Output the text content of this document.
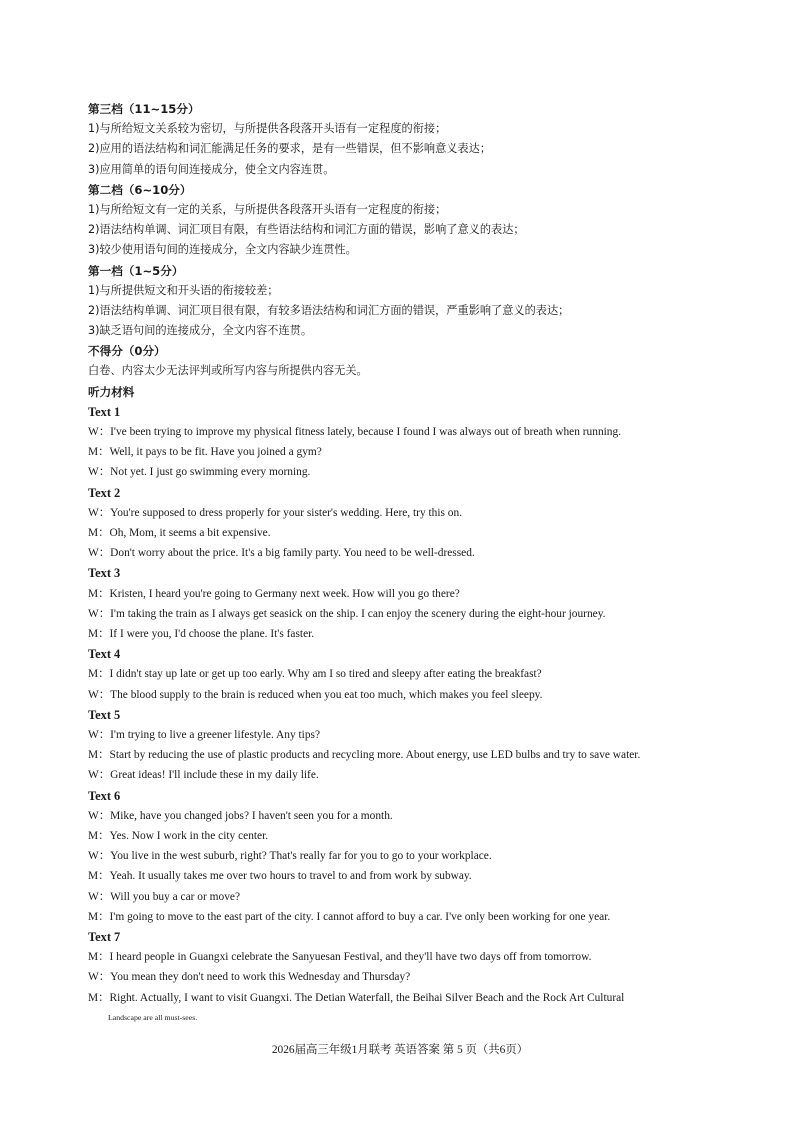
第三档（11~15分）
1)与所给短文关系较为密切，与所提供各段落开头语有一定程度的衔接；
2)应用的语法结构和词汇能满足任务的要求，是有一些错误，但不影响意义表达；
3)应用简单的语句间连接成分，使全文内容连贯。
第二档（6~10分）
1)与所给短文有一定的关系，与所提供各段落开头语有一定程度的衔接；
2)语法结构单调、词汇项目有限，有些语法结构和词汇方面的错误，影响了意义的表达；
3)较少使用语句间的连接成分，全文内容缺少连贯性。
第一档（1~5分）
1)与所提供短文和开头语的衔接较差；
2)语法结构单调、词汇项目很有限，有较多语法结构和词汇方面的错误，严重影响了意义的表达；
3)缺乏语句间的连接成分，全文内容不连贯。
不得分（0分）
白卷、内容太少无法评判或所写内容与所提供内容无关。
听力材料
Text 1
W：I've been trying to improve my physical fitness lately, because I found I was always out of breath when running.
M：Well, it pays to be fit. Have you joined a gym?
W：Not yet. I just go swimming every morning.
Text 2
W：You're supposed to dress properly for your sister's wedding. Here, try this on.
M：Oh, Mom, it seems a bit expensive.
W：Don't worry about the price. It's a big family party. You need to be well-dressed.
Text 3
M：Kristen, I heard you're going to Germany next week. How will you go there?
W：I'm taking the train as I always get seasick on the ship. I can enjoy the scenery during the eight-hour journey.
M：If I were you, I'd choose the plane. It's faster.
Text 4
M：I didn't stay up late or get up too early. Why am I so tired and sleepy after eating the breakfast?
W：The blood supply to the brain is reduced when you eat too much, which makes you feel sleepy.
Text 5
W：I'm trying to live a greener lifestyle. Any tips?
M：Start by reducing the use of plastic products and recycling more. About energy, use LED bulbs and try to save water.
W：Great ideas! I'll include these in my daily life.
Text 6
W：Mike, have you changed jobs? I haven't seen you for a month.
M：Yes. Now I work in the city center.
W：You live in the west suburb, right? That's really far for you to go to your workplace.
M：Yeah. It usually takes me over two hours to travel to and from work by subway.
W：Will you buy a car or move?
M：I'm going to move to the east part of the city. I cannot afford to buy a car. I've only been working for one year.
Text 7
M：I heard people in Guangxi celebrate the Sanyuesan Festival, and they'll have two days off from tomorrow.
W：You mean they don't need to work this Wednesday and Thursday?
M：Right. Actually, I want to visit Guangxi. The Detian Waterfall, the Beihai Silver Beach and the Rock Art Cultural
Landscape are all must-sees.
2026届高三年级1月联考 英语答案 第 5 页（共6页）
